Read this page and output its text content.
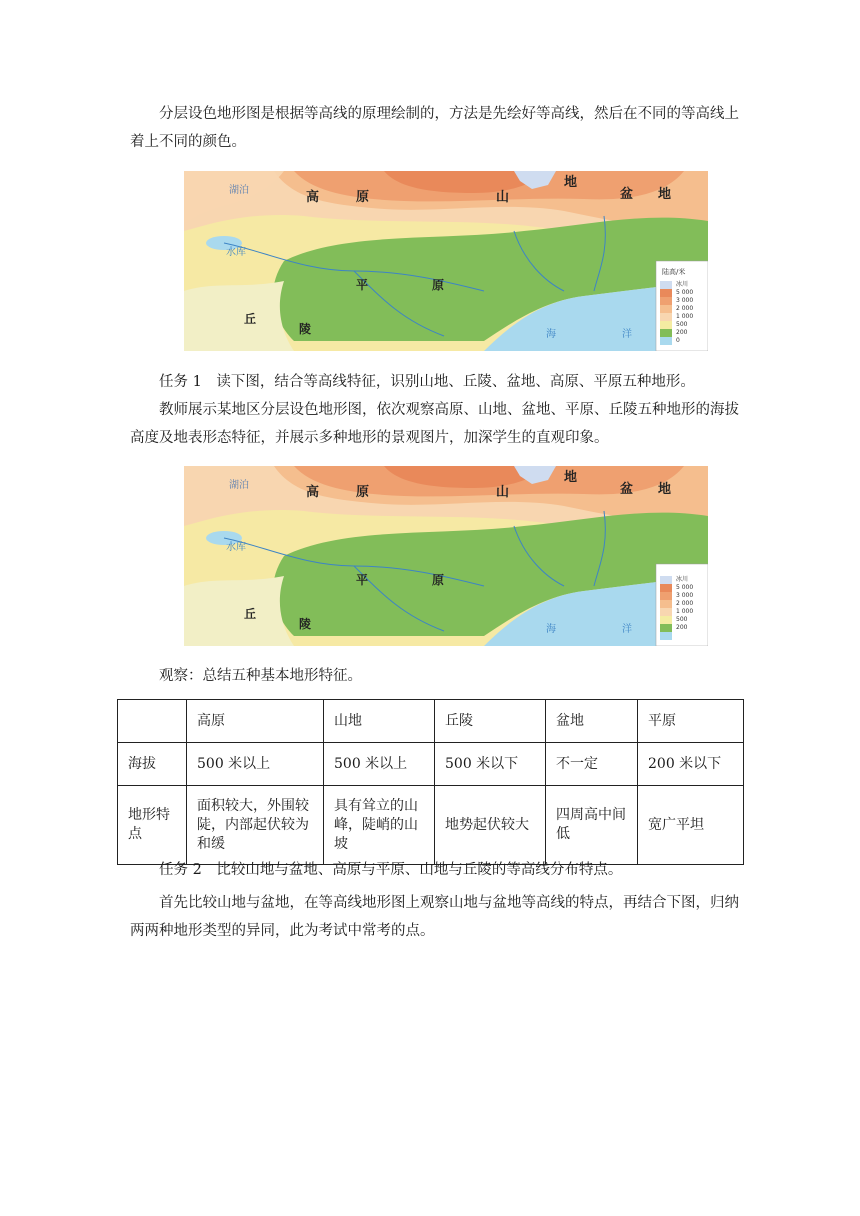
分层设色地形图是根据等高线的原理绘制的，方法是先绘好等高线，然后在不同的等高线上着上不同的颜色。

陆高/米
冰川
5 000
3 000
2 000
1 000
500
200
0
湖泊
水库
高	原	山
地
盆 地
平	原
丘
陵	海	洋

任务 1　读下图，结合等高线特征，识别山地、丘陵、盆地、高原、平原五种地形。

教师展示某地区分层设色地形图，依次观察高原、山地、盆地、平原、丘陵五种地形的海拔高度及地表形态特征，并展示多种地形的景观图片，加深学生的直观印象。

冰川
5 000
3 000
2 000
1 000
500
200
湖泊
水库
高	原	山
地
盆 地
平	原
丘
陵	海	洋

观察：总结五种基本地形特征。

	高原	山地	丘陵	盆地	平原
海拔	500 米以上	500 米以上	500 米以下	不一定	200 米以下
地形特点	面积较大，外围较陡，内部起伏较为和缓	具有耸立的山峰，陡峭的山坡	地势起伏较大	四周高中间低	宽广平坦

任务 2　比较山地与盆地、高原与平原、山地与丘陵的等高线分布特点。

首先比较山地与盆地，在等高线地形图上观察山地与盆地等高线的特点，再结合下图，归纳两两种地形类型的异同，此为考试中常考的点。
